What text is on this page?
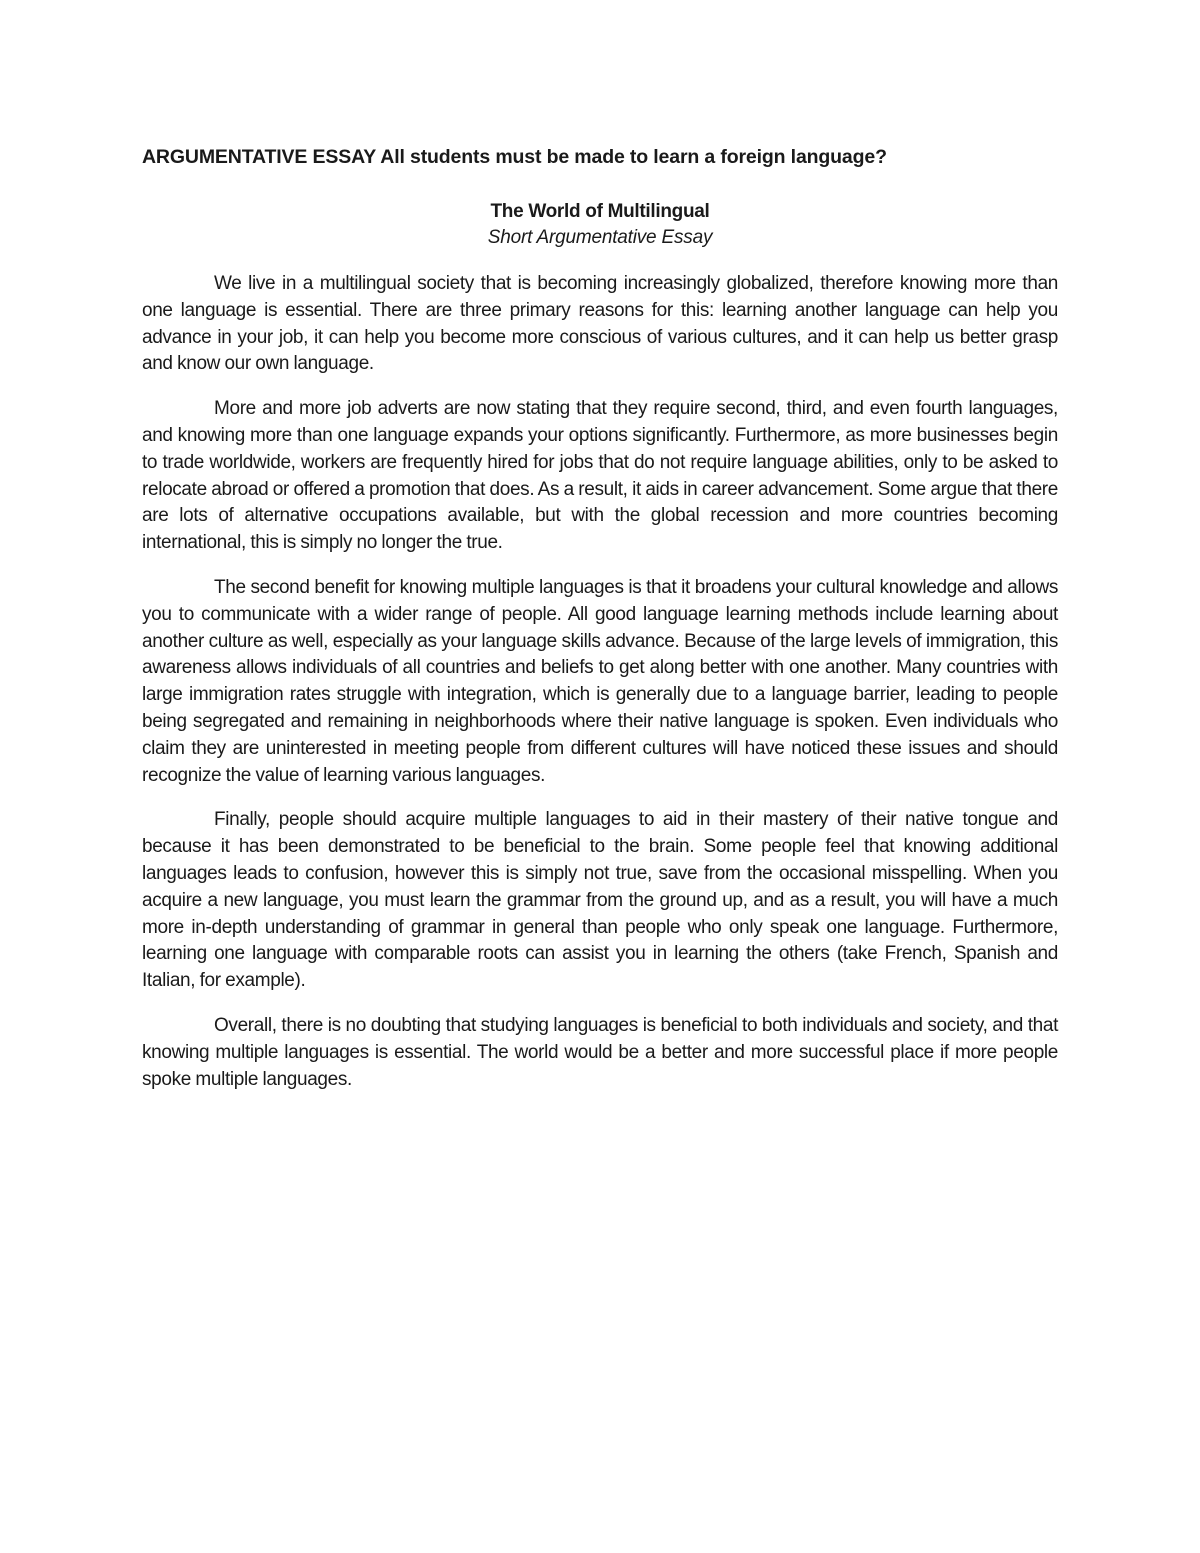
ARGUMENTATIVE ESSAY All students must be made to learn a foreign language?

The World of Multilingual

Short Argumentative Essay

We live in a multilingual society that is becoming increasingly globalized, therefore knowing more than one language is essential. There are three primary reasons for this: learning another language can help you advance in your job, it can help you become more conscious of various cultures, and it can help us better grasp and know our own language.

More and more job adverts are now stating that they require second, third, and even fourth languages, and knowing more than one language expands your options significantly. Furthermore, as more businesses begin to trade worldwide, workers are frequently hired for jobs that do not require language abilities, only to be asked to relocate abroad or offered a promotion that does. As a result, it aids in career advancement. Some argue that there are lots of alternative occupations available, but with the global recession and more countries becoming international, this is simply no longer the true.

The second benefit for knowing multiple languages is that it broadens your cultural knowledge and allows you to communicate with a wider range of people. All good language learning methods include learning about another culture as well, especially as your language skills advance. Because of the large levels of immigration, this awareness allows individuals of all countries and beliefs to get along better with one another. Many countries with large immigration rates struggle with integration, which is generally due to a language barrier, leading to people being segregated and remaining in neighborhoods where their native language is spoken. Even individuals who claim they are uninterested in meeting people from different cultures will have noticed these issues and should recognize the value of learning various languages.

Finally, people should acquire multiple languages to aid in their mastery of their native tongue and because it has been demonstrated to be beneficial to the brain. Some people feel that knowing additional languages leads to confusion, however this is simply not true, save from the occasional misspelling. When you acquire a new language, you must learn the grammar from the ground up, and as a result, you will have a much more in-depth understanding of grammar in general than people who only speak one language. Furthermore, learning one language with comparable roots can assist you in learning the others (take French, Spanish and Italian, for example).

Overall, there is no doubting that studying languages is beneficial to both individuals and society, and that knowing multiple languages is essential. The world would be a better and more successful place if more people spoke multiple languages.
